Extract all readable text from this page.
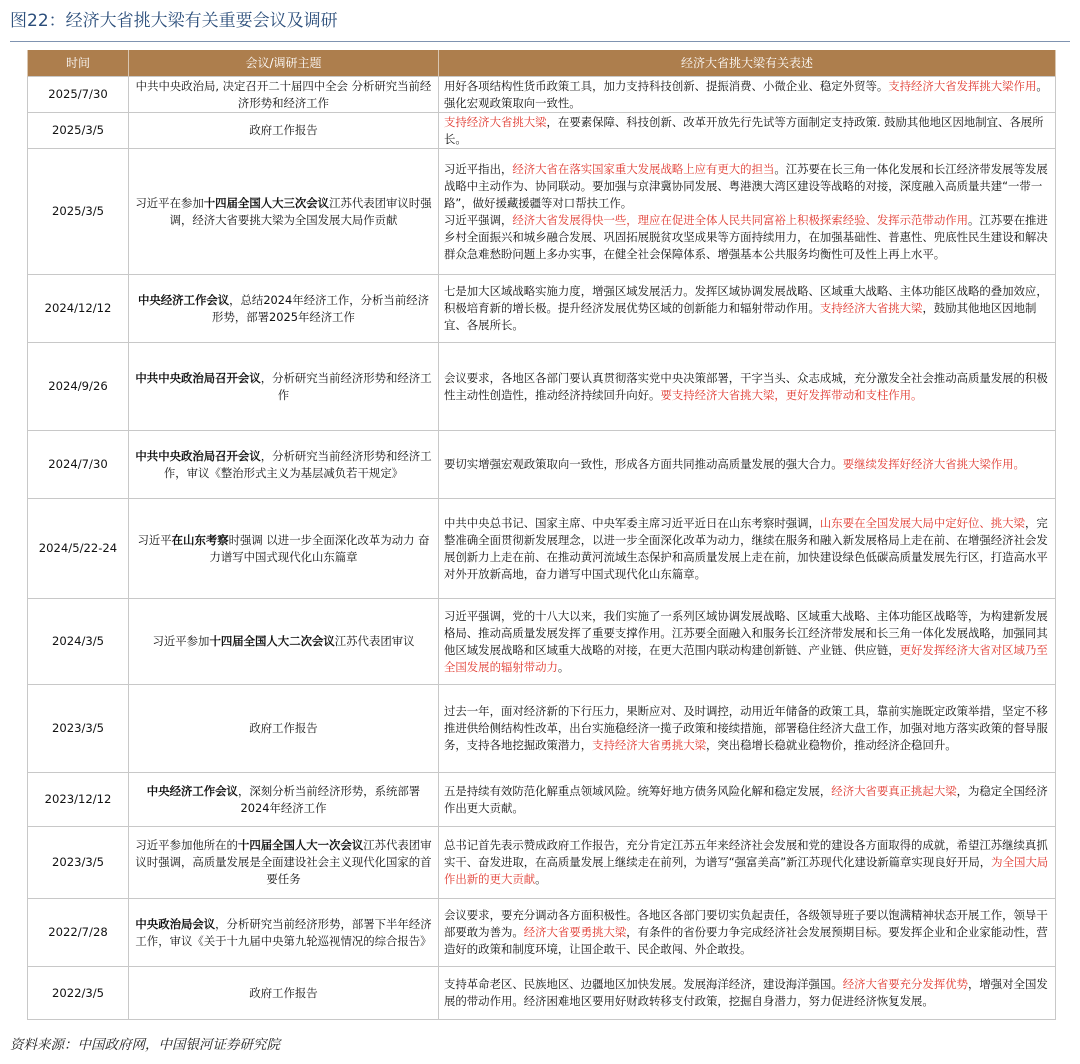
图22：经济大省挑大梁有关重要会议及调研
时间	会议/调研主题	经济大省挑大梁有关表述
2025/7/30	中共中央政治局, 决定召开二十届四中全会 分析研究当前经济形势和经济工作	用好各项结构性货币政策工具，加力支持科技创新、提振消费、小微企业、稳定外贸等。支持经济大省发挥挑大梁作用。强化宏观政策取向一致性。
2025/3/5	政府工作报告	支持经济大省挑大梁，在要素保障、科技创新、改革开放先行先试等方面制定支持政策. 鼓励其他地区因地制宜、各展所长。
2025/3/5	习近平在参加十四届全国人大三次会议江苏代表团审议时强调，经济大省要挑大梁为全国发展大局作贡献	习近平指出，经济大省在落实国家重大发展战略上应有更大的担当。江苏要在长三角一体化发展和长江经济带发展等发展战略中主动作为、协同联动。要加强与京津冀协同发展、粤港澳大湾区建设等战略的对接，深度融入高质量共建“一带一路”，做好援藏援疆等对口帮扶工作。
习近平强调，经济大省发展得快一些，理应在促进全体人民共同富裕上积极探索经验、发挥示范带动作用。江苏要在推进乡村全面振兴和城乡融合发展、巩固拓展脱贫攻坚成果等方面持续用力，在加强基础性、普惠性、兜底性民生建设和解决群众急难愁盼问题上多办实事，在健全社会保障体系、增强基本公共服务均衡性可及性上再上水平。
2024/12/12	中央经济工作会议，总结2024年经济工作，分析当前经济形势，部署2025年经济工作	七是加大区域战略实施力度，增强区域发展活力。发挥区域协调发展战略、区域重大战略、主体功能区战略的叠加效应，积极培育新的增长极。提升经济发展优势区域的创新能力和辐射带动作用。支持经济大省挑大梁，鼓励其他地区因地制宜、各展所长。
2024/9/26	中共中央政治局召开会议，分析研究当前经济形势和经济工作	会议要求，各地区各部门要认真贯彻落实党中央决策部署，干字当头、众志成城，充分激发全社会推动高质量发展的积极性主动性创造性，推动经济持续回升向好。要支持经济大省挑大梁，更好发挥带动和支柱作用。
2024/7/30	中共中央政治局召开会议，分析研究当前经济形势和经济工作，审议《整治形式主义为基层减负若干规定》	要切实增强宏观政策取向一致性，形成各方面共同推动高质量发展的强大合力。要继续发挥好经济大省挑大梁作用。
2024/5/22-24	习近平在山东考察时强调 以进一步全面深化改革为动力 奋力谱写中国式现代化山东篇章	中共中央总书记、国家主席、中央军委主席习近平近日在山东考察时强调，山东要在全国发展大局中定好位、挑大梁，完整准确全面贯彻新发展理念，以进一步全面深化改革为动力，继续在服务和融入新发展格局上走在前、在增强经济社会发展创新力上走在前、在推动黄河流域生态保护和高质量发展上走在前，加快建设绿色低碳高质量发展先行区，打造高水平对外开放新高地，奋力谱写中国式现代化山东篇章。
2024/3/5	习近平参加十四届全国人大二次会议江苏代表团审议	习近平强调，党的十八大以来，我们实施了一系列区域协调发展战略、区域重大战略、主体功能区战略等，为构建新发展格局、推动高质量发展发挥了重要支撑作用。江苏要全面融入和服务长江经济带发展和长三角一体化发展战略，加强同其他区域发展战略和区域重大战略的对接，在更大范围内联动构建创新链、产业链、供应链，更好发挥经济大省对区域乃至全国发展的辐射带动力。
2023/3/5	政府工作报告	过去一年，面对经济新的下行压力，果断应对、及时调控，动用近年储备的政策工具，靠前实施既定政策举措，坚定不移推进供给侧结构性改革，出台实施稳经济一揽子政策和接续措施，部署稳住经济大盘工作，加强对地方落实政策的督导服务，支持各地挖掘政策潜力，支持经济大省勇挑大梁，突出稳增长稳就业稳物价，推动经济企稳回升。
2023/12/12	中央经济工作会议，深刻分析当前经济形势，系统部署2024年经济工作	五是持续有效防范化解重点领域风险。统筹好地方债务风险化解和稳定发展，经济大省要真正挑起大梁，为稳定全国经济作出更大贡献。
2023/3/5	习近平参加他所在的十四届全国人大一次会议江苏代表团审议时强调，高质量发展是全面建设社会主义现代化国家的首要任务	总书记首先表示赞成政府工作报告，充分肯定江苏五年来经济社会发展和党的建设各方面取得的成就，希望江苏继续真抓实干、奋发进取，在高质量发展上继续走在前列，为谱写“强富美高”新江苏现代化建设新篇章实现良好开局，为全国大局作出新的更大贡献。
2022/7/28	中央政治局会议，分析研究当前经济形势，部署下半年经济工作，审议《关于十九届中央第九轮巡视情况的综合报告》	会议要求，要充分调动各方面积极性。各地区各部门要切实负起责任，各级领导班子要以饱满精神状态开展工作，领导干部要敢为善为。经济大省要勇挑大梁，有条件的省份要力争完成经济社会发展预期目标。要发挥企业和企业家能动性，营造好的政策和制度环境，让国企敢干、民企敢闯、外企敢投。
2022/3/5	政府工作报告	支持革命老区、民族地区、边疆地区加快发展。发展海洋经济，建设海洋强国。经济大省要充分发挥优势，增强对全国发展的带动作用。经济困难地区要用好财政转移支付政策，挖掘自身潜力，努力促进经济恢复发展。
资料来源：中国政府网，中国银河证券研究院
